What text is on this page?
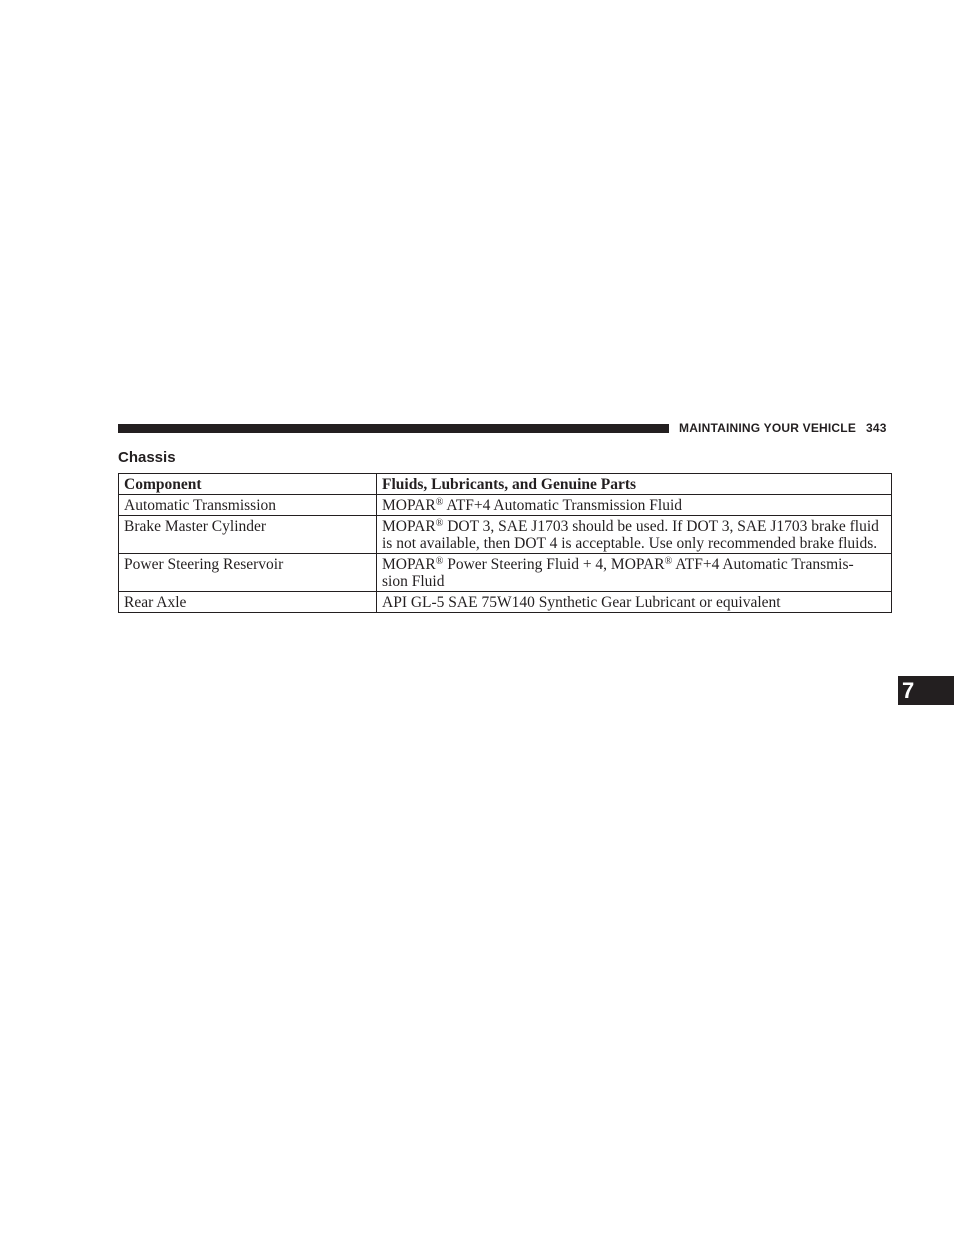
MAINTAINING YOUR VEHICLE 343
Chassis
Component	Fluids, Lubricants, and Genuine Parts
Automatic Transmission	MOPAR® ATF+4 Automatic Transmission Fluid
Brake Master Cylinder	MOPAR® DOT 3, SAE J1703 should be used. If DOT 3, SAE J1703 brake fluid is not available, then DOT 4 is acceptable. Use only recommended brake fluids.
Power Steering Reservoir	MOPAR® Power Steering Fluid + 4, MOPAR® ATF+4 Automatic Transmis-
sion Fluid
Rear Axle	API GL-5 SAE 75W140 Synthetic Gear Lubricant or equivalent
7
